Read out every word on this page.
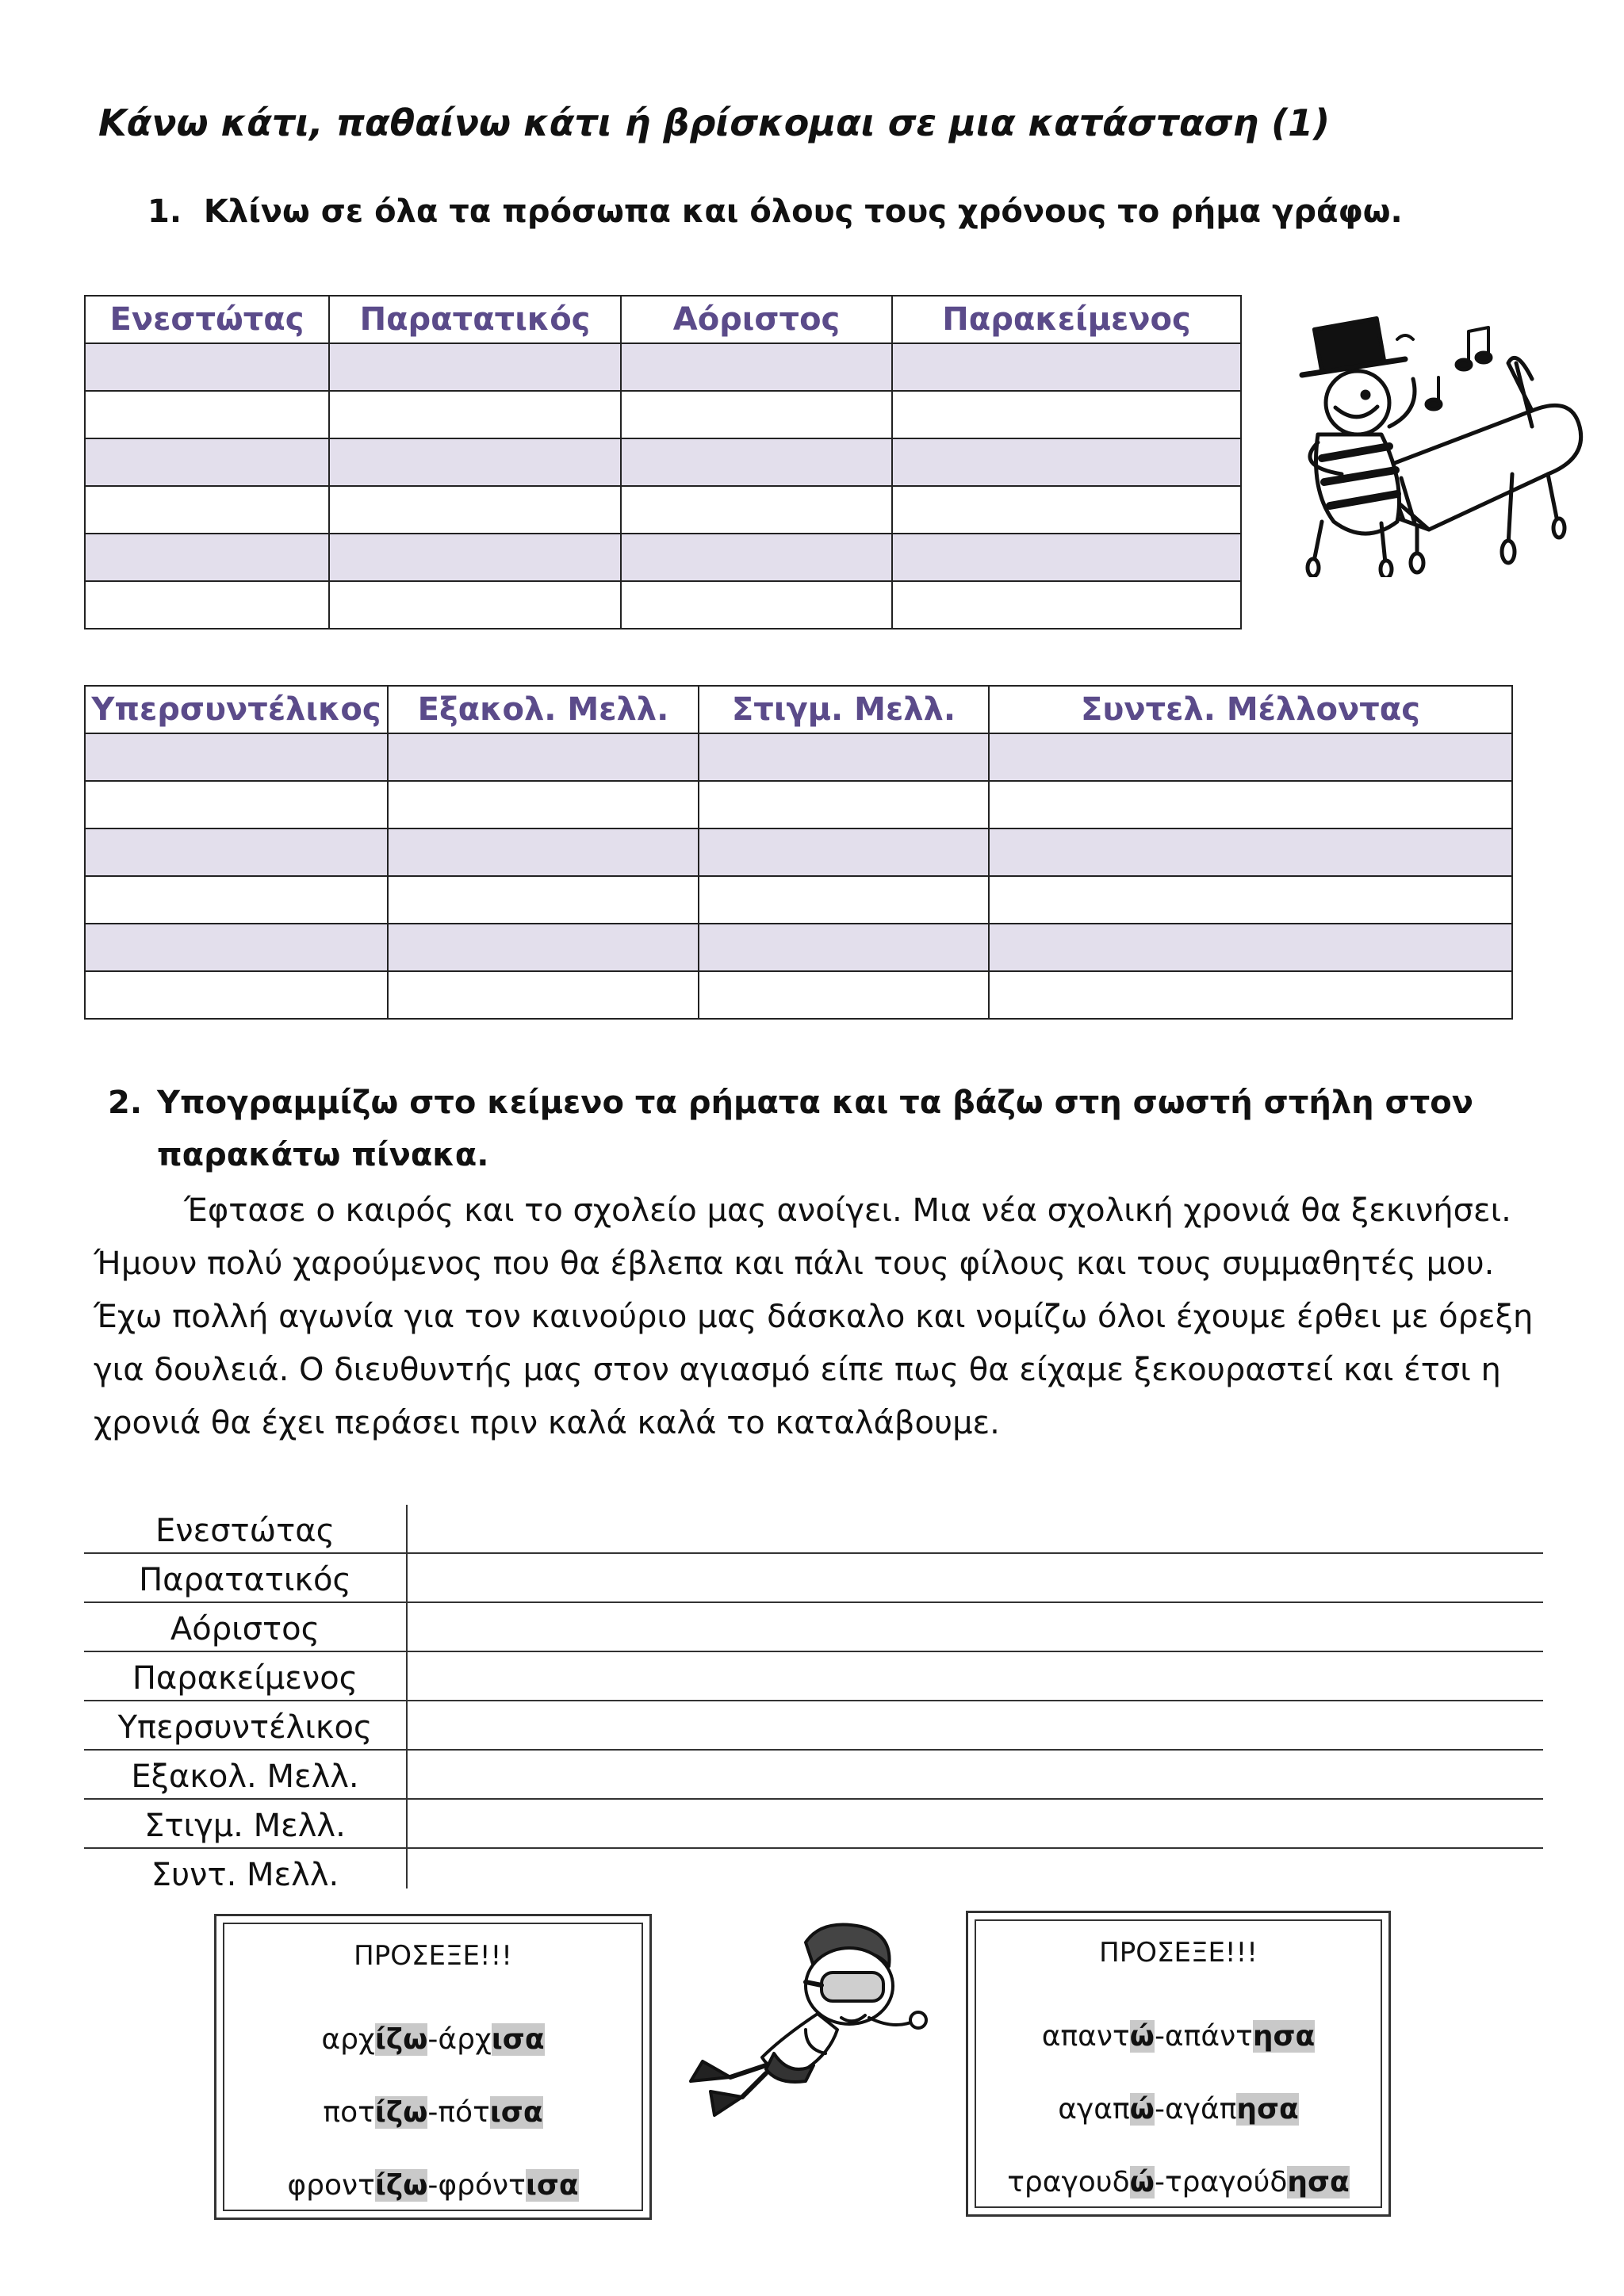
Κάνω κάτι, παθαίνω κάτι ή βρίσκομαι σε μια κατάσταση (1)
1. Κλίνω σε όλα τα πρόσωπα και όλους τους χρόνους το ρήμα γράφω.
Ενεστώτας	Παρατατικός	Αόριστος	Παρακείμενος

Υπερσυντέλικος	Εξακολ. Μελλ.	Στιγμ. Μελλ.	Συντελ. Μέλλοντας

2. Υπογραμμίζω στο κείμενο τα ρήματα και τα βάζω στη σωστή στήλη στον παρακάτω πίνακα.
Έφτασε ο καιρός και το σχολείο μας ανοίγει. Μια νέα σχολική χρονιά θα ξεκινήσει.
Ήμουν πολύ χαρούμενος που θα έβλεπα και πάλι τους φίλους και τους συμμαθητές μου.
Έχω πολλή αγωνία για τον καινούριο μας δάσκαλο και νομίζω όλοι έχουμε έρθει με όρεξη
για δουλειά. Ο διευθυντής μας στον αγιασμό είπε πως θα είχαμε ξεκουραστεί και έτσι η
χρονιά θα έχει περάσει πριν καλά καλά το καταλάβουμε.
Ενεστώτας
Παρατατικός
Αόριστος
Παρακείμενος
Υπερσυντέλικος
Εξακολ. Μελλ.
Στιγμ. Μελλ.
Συντ. Μελλ.
ΠΡΟΣΕΞΕ!!!
αρχίζω-άρχισα
ποτίζω-πότισα
φροντίζω-φρόντισα
ΠΡΟΣΕΞΕ!!!
απαντώ-απάντησα
αγαπώ-αγάπησα
τραγουδώ-τραγούδησα
